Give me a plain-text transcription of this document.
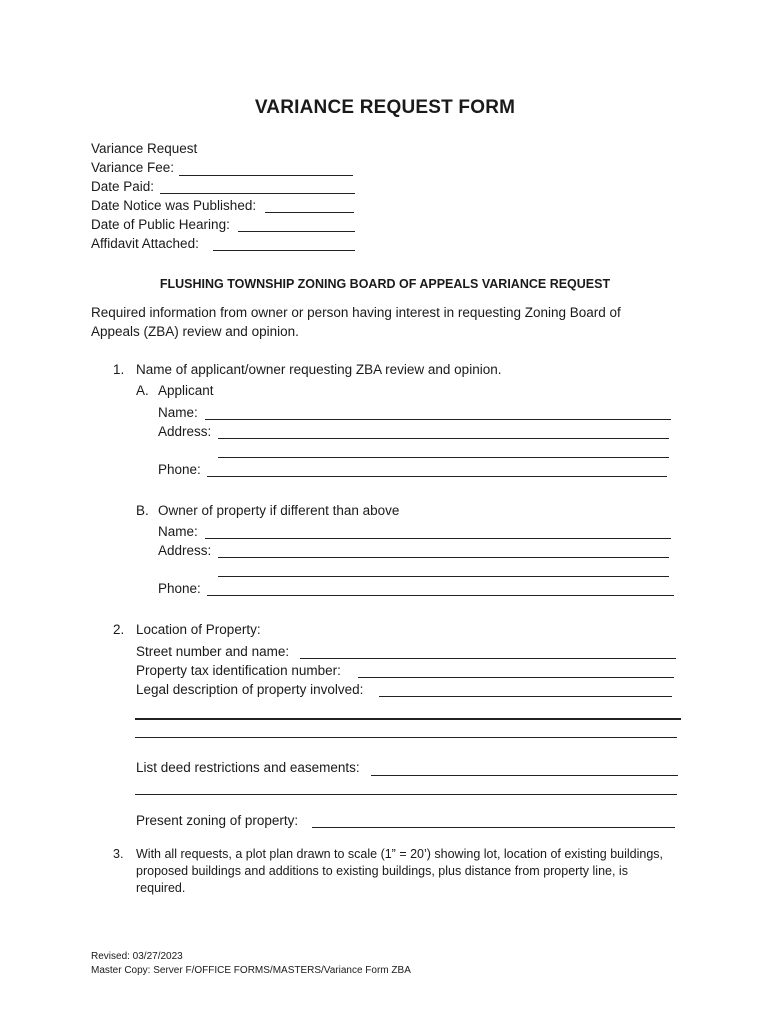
VARIANCE REQUEST FORM
Variance Request
Variance Fee:
Date Paid:
Date Notice was Published:
Date of Public Hearing:
Affidavit Attached:
FLUSHING TOWNSHIP ZONING BOARD OF APPEALS VARIANCE REQUEST
Required information from owner or person having interest in requesting Zoning Board of
Appeals (ZBA) review and opinion.
1. Name of applicant/owner requesting ZBA review and opinion.
A. Applicant
Name:
Address:
Phone:
B. Owner of property if different than above
Name:
Address:
Phone:
2. Location of Property:
Street number and name:
Property tax identification number:
Legal description of property involved:
List deed restrictions and easements:
Present zoning of property:
3. With all requests, a plot plan drawn to scale (1” = 20’) showing lot, location of existing buildings,
proposed buildings and additions to existing buildings, plus distance from property line, is
required.
Revised: 03/27/2023
Master Copy: Server F/OFFICE FORMS/MASTERS/Variance Form ZBA
